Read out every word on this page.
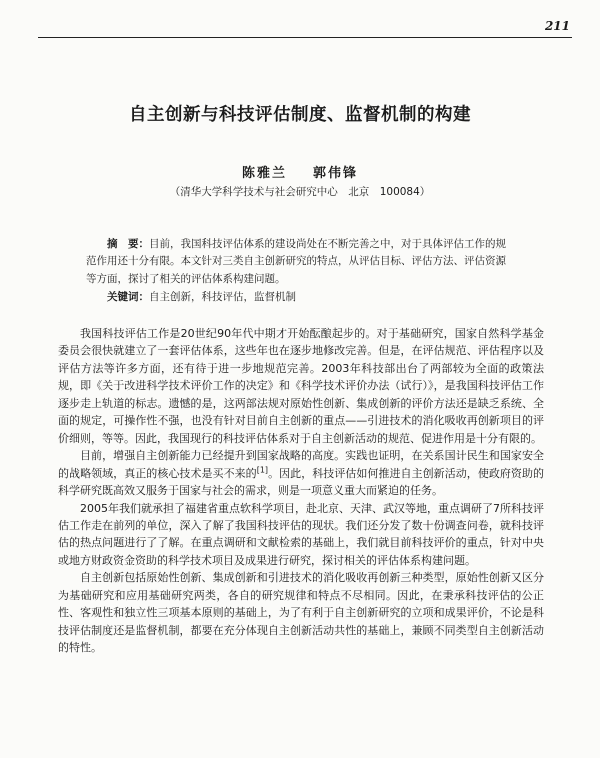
211
自主创新与科技评估制度、监督机制的构建
陈雅兰 郭伟锋
（清华大学科学技术与社会研究中心　北京　100084）
摘　要：目前，我国科技评估体系的建设尚处在不断完善之中，对于具体评估工作的规范作用还十分有限。本文针对三类自主创新研究的特点，从评估目标、评估方法、评估资源等方面，探讨了相关的评估体系构建问题。
关键词：自主创新，科技评估，监督机制

我国科技评估工作是20世纪90年代中期才开始酝酿起步的。对于基础研究，国家自然科学基金委员会很快就建立了一套评估体系，这些年也在逐步地修改完善。但是，在评估规范、评估程序以及评估方法等许多方面，还有待于进一步地规范完善。2003年科技部出台了两部较为全面的政策法规，即《关于改进科学技术评价工作的决定》和《科学技术评价办法（试行）》，是我国科技评估工作逐步走上轨道的标志。遗憾的是，这两部法规对原始性创新、集成创新的评价方法还是缺乏系统、全面的规定，可操作性不强，也没有针对目前自主创新的重点——引进技术的消化吸收再创新项目的评价细则，等等。因此，我国现行的科技评估体系对于自主创新活动的规范、促进作用是十分有限的。

目前，增强自主创新能力已经提升到国家战略的高度。实践也证明，在关系国计民生和国家安全的战略领域，真正的核心技术是买不来的[1]。因此，科技评估如何推进自主创新活动，使政府资助的科学研究既高效又服务于国家与社会的需求，则是一项意义重大而紧迫的任务。

2005年我们就承担了福建省重点软科学项目，赴北京、天津、武汉等地，重点调研了7所科技评估工作走在前列的单位，深入了解了我国科技评估的现状。我们还分发了数十份调查问卷，就科技评估的热点问题进行了了解。在重点调研和文献检索的基础上，我们就目前科技评价的重点，针对中央或地方财政资金资助的科学技术项目及成果进行研究，探讨相关的评估体系构建问题。

自主创新包括原始性创新、集成创新和引进技术的消化吸收再创新三种类型，原始性创新又区分为基础研究和应用基础研究两类，各自的研究规律和特点不尽相同。因此，在秉承科技评估的公正性、客观性和独立性三项基本原则的基础上，为了有利于自主创新研究的立项和成果评价，不论是科技评估制度还是监督机制，都要在充分体现自主创新活动共性的基础上，兼顾不同类型自主创新活动的特性。
